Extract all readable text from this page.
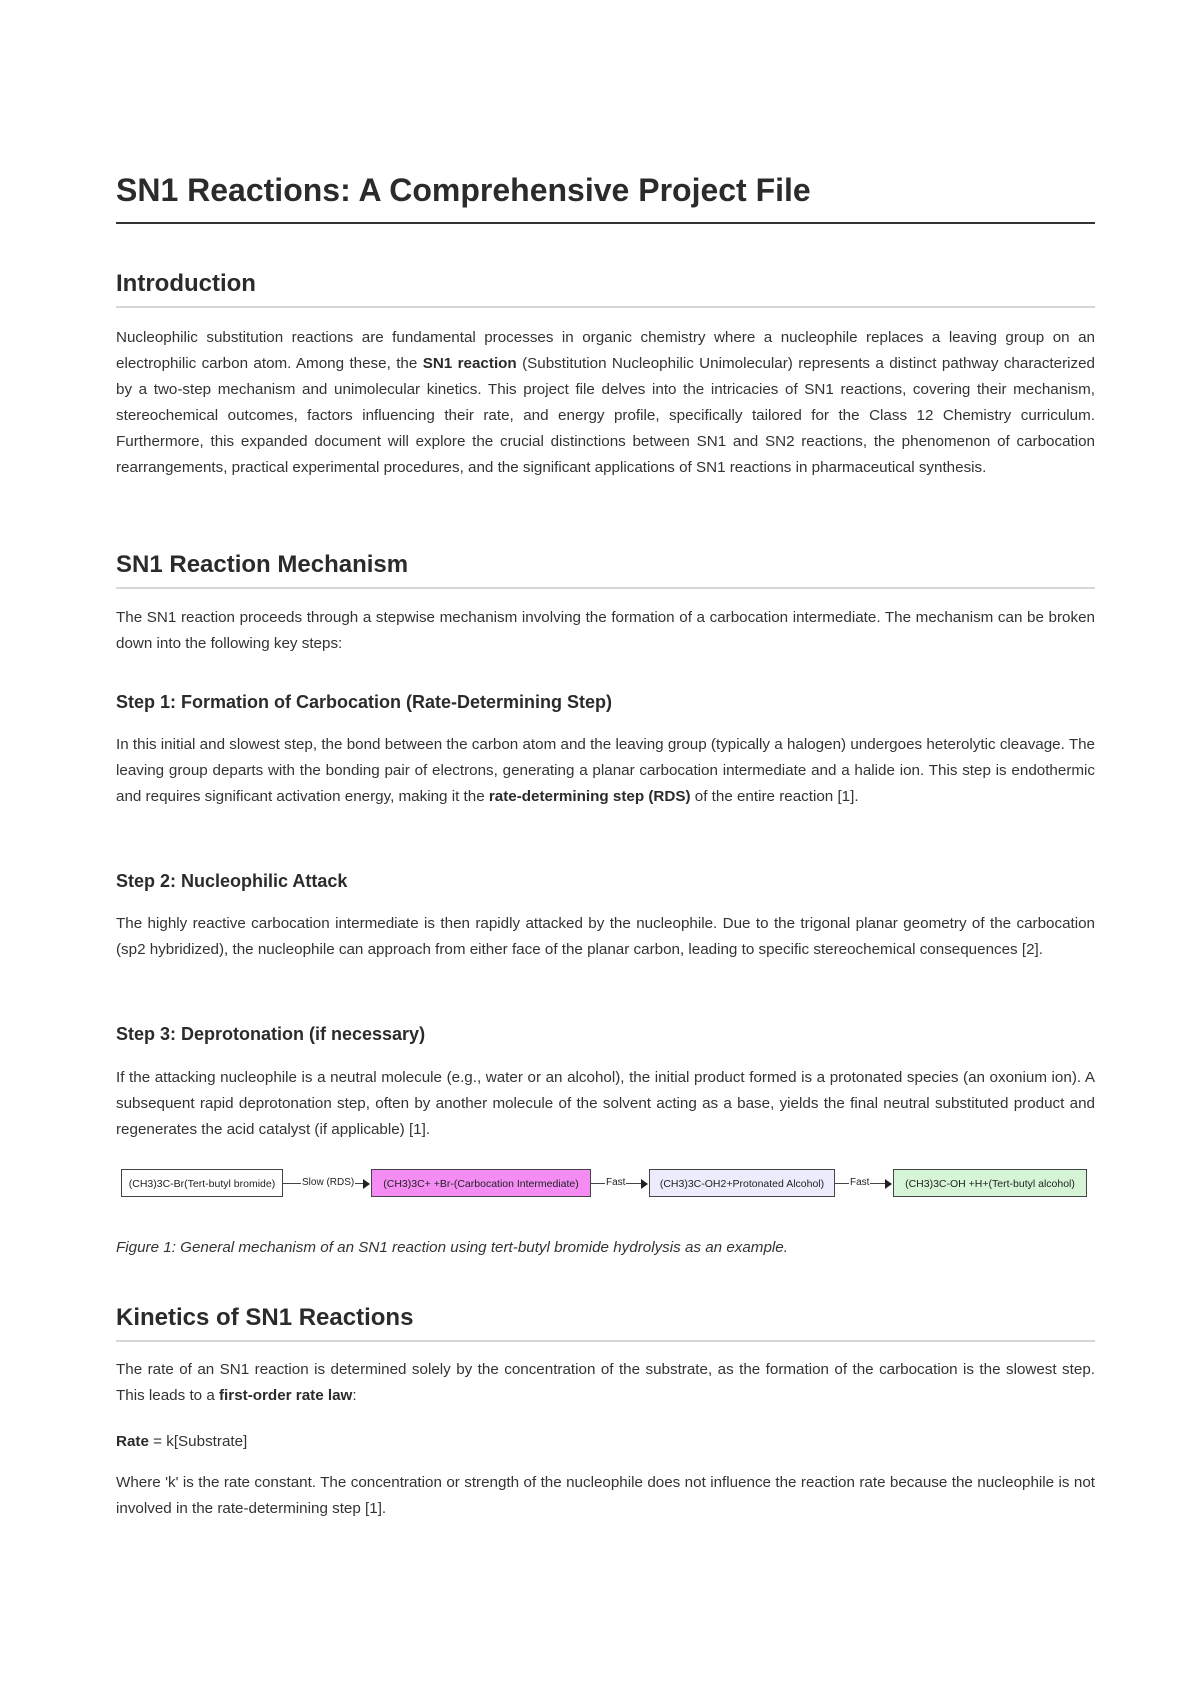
SN1 Reactions: A Comprehensive Project File
Introduction

Nucleophilic substitution reactions are fundamental processes in organic chemistry where a nucleophile replaces a leaving group on an electrophilic carbon atom. Among these, the SN1 reaction (Substitution Nucleophilic Unimolecular) represents a distinct pathway characterized by a two-step mechanism and unimolecular kinetics. This project file delves into the intricacies of SN1 reactions, covering their mechanism, stereochemical outcomes, factors influencing their rate, and energy profile, specifically tailored for the Class 12 Chemistry curriculum. Furthermore, this expanded document will explore the crucial distinctions between SN1 and SN2 reactions, the phenomenon of carbocation rearrangements, practical experimental procedures, and the significant applications of SN1 reactions in pharmaceutical synthesis.

SN1 Reaction Mechanism

The SN1 reaction proceeds through a stepwise mechanism involving the formation of a carbocation intermediate. The mechanism can be broken down into the following key steps:

Step 1: Formation of Carbocation (Rate-Determining Step)

In this initial and slowest step, the bond between the carbon atom and the leaving group (typically a halogen) undergoes heterolytic cleavage. The leaving group departs with the bonding pair of electrons, generating a planar carbocation intermediate and a halide ion. This step is endothermic and requires significant activation energy, making it the rate-determining step (RDS) of the entire reaction [1].

Step 2: Nucleophilic Attack

The highly reactive carbocation intermediate is then rapidly attacked by the nucleophile. Due to the trigonal planar geometry of the carbocation (sp2 hybridized), the nucleophile can approach from either face of the planar carbon, leading to specific stereochemical consequences [2].

Step 3: Deprotonation (if necessary)

If the attacking nucleophile is a neutral molecule (e.g., water or an alcohol), the initial product formed is a protonated species (an oxonium ion). A subsequent rapid deprotonation step, often by another molecule of the solvent acting as a base, yields the final neutral substituted product and regenerates the acid catalyst (if applicable) [1].

(CH3)3C-Br(Tert-butyl bromide)	Slow (RDS)	(CH3)3C+ +Br-(Carbocation Intermediate)	Fast	(CH3)3C-OH2+Protonated Alcohol)	Fast	(CH3)3C-OH +H+(Tert-butyl alcohol)

Figure 1: General mechanism of an SN1 reaction using tert-butyl bromide hydrolysis as an example.

Kinetics of SN1 Reactions

The rate of an SN1 reaction is determined solely by the concentration of the substrate, as the formation of the carbocation is the slowest step. This leads to a first-order rate law:

Rate = k[Substrate]

Where 'k' is the rate constant. The concentration or strength of the nucleophile does not influence the reaction rate because the nucleophile is not involved in the rate-determining step [1].
